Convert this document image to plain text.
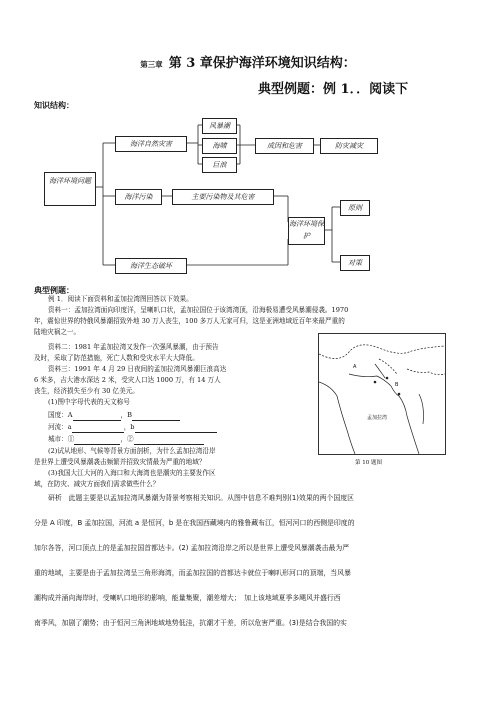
第三章 第 3 章保护海洋环境知识结构：
典型例题：例 1．．阅读下
知识结构：
海洋环境问题
海洋自然灾害
风暴潮
海啸
巨浪
成因和危害	防灾减灾
海洋污染	主要污染物及其危害
海洋环境保护
原则
对策
海洋生态破坏
典型例题：
例 1．阅读下面资料和孟加拉湾图回答以下效果。
资料一：孟加拉湾面向印度洋，呈喇叭口状，孟加拉国位于该湾湾顶，沿海极易遭受风暴潮侵袭。1970
年，震惊世界的特俄风暴潮招致外地 30 万人丧生，100 多万人无家可归，这是亚洲地域近百年来最严重的
陆地灾祸之一。
资料二：1981 年孟加拉湾又发作一次强风暴潮，由于预告
及时，采取了防范措施，死亡人数和受灾水平大大降低。
资料三：1991 年 4 月 29 日夜间的孟加拉湾风暴潮巨浪高达
6 米多，吉大港水深达 2 米，受灾人口达 1000 万，有 14 万人
丧生，经济损失至少有 30 亿美元。
(1)图中字母代表的天文称号
国度：A	，B
河流：a	，b
城市：①	，②
(2)试从地形、气候等背景方面剖析，为什么孟加拉湾沿岸
是世界上遭受风暴潮袭击频繁并招致灾情最为严重的地域？
(3)我国大江大河的入海口和大海湾也是潮灾的主要发作区
域，在防灾、减灾方面我们需求做些什么？
A
B
孟加拉湾
第 10 题图
研析　此题主要是以孟加拉湾风暴潮为背景考察相关知识。从图中信息不难判别(1)效果的两个国度区
分是 A 印度，B 孟加拉国，河流 a 是恒河，b 是在我国西藏境内的雅鲁藏布江，恒河河口的西侧是印度的
加尔各答，河口顶点上的是孟加拉国首都达卡。(2) 孟加拉湾沿岸之所以是世界上遭受风暴潮袭击最为严
重的地域，主要是由于孟加拉湾呈三角形海湾，而孟加拉国的首都达卡就位于喇叭形河口的顶端，当风暴
潮构成并涌向海岸时，受喇叭口地形的影响，能量集聚，潮差增大；　加上该地域夏季多飓风并盛行西
南季风，加剧了潮势；由于恒河三角洲地域地势低洼，抗潮才干差，所以危害严重。(3)是结合我国的实
